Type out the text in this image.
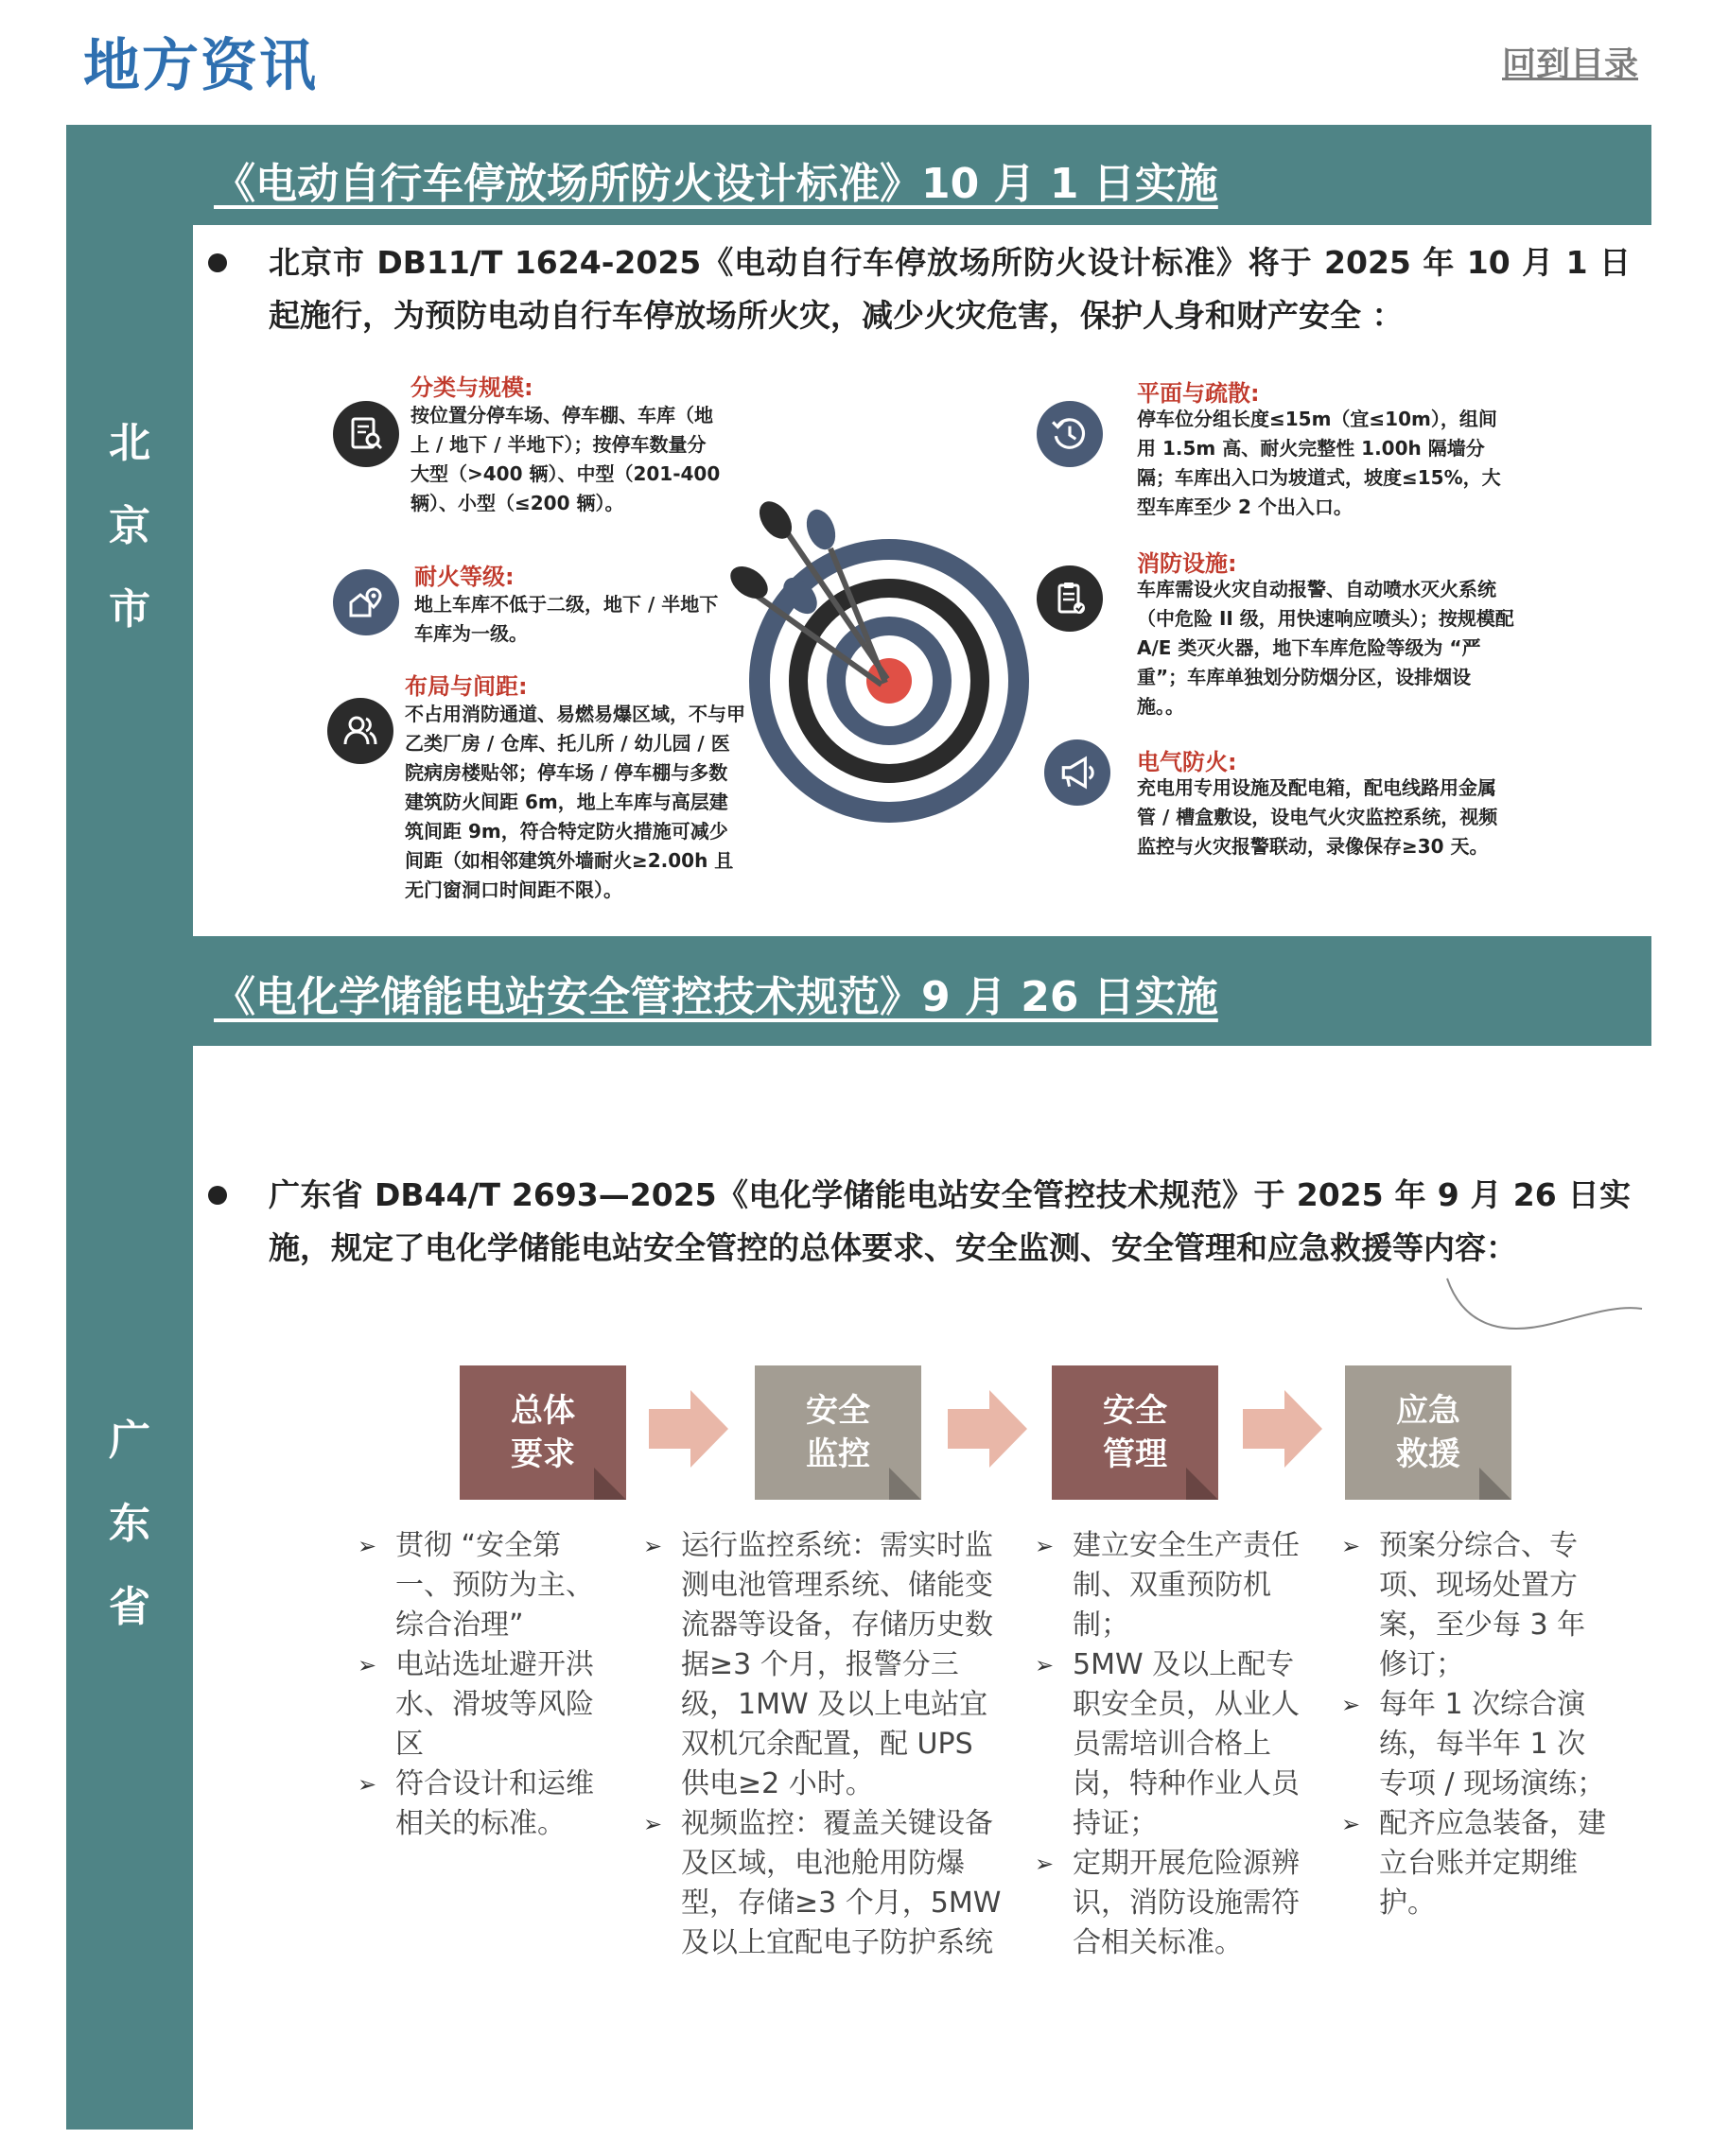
地方资讯	回到目录
北
京
市
广
东
省
《电动自行车停放场所防火设计标准》10 月 1 日实施
北京市 DB11/T 1624-2025《电动自行车停放场所防火设计标准》将于 2025 年 10 月 1 日起施行，为预防电动自行车停放场所火灾，减少火灾危害，保护人身和财产安全 ：
分类与规模:
按位置分停车场、停车棚、车库（地上 / 地下 / 半地下）；按停车数量分大型（>400 辆）、中型（201-400 辆）、小型（≤200 辆）。
耐火等级:
地上车库不低于二级，地下 / 半地下车库为一级。
布局与间距:
不占用消防通道、易燃易爆区域，不与甲乙类厂房 / 仓库、托儿所 / 幼儿园 / 医院病房楼贴邻；停车场 / 停车棚与多数建筑防火间距 6m，地上车库与高层建筑间距 9m，符合特定防火措施可减少间距（如相邻建筑外墙耐火≥2.00h 且无门窗洞口时间距不限）。
平面与疏散:
停车位分组长度≤15m（宜≤10m），组间用 1.5m 高、耐火完整性 1.00h 隔墙分隔；车库出入口为坡道式，坡度≤15%，大型车库至少 2 个出入口。
消防设施:
车库需设火灾自动报警、自动喷水灭火系统（中危险 II 级，用快速响应喷头）；按规模配 A/E 类灭火器，地下车库危险等级为 “严重”；车库单独划分防烟分区，设排烟设施。。
电气防火:
充电用专用设施及配电箱，配电线路用金属管 / 槽盒敷设，设电气火灾监控系统，视频监控与火灾报警联动，录像保存≥30 天。
《电化学储能电站安全管控技术规范》9 月 26 日实施
广东省 DB44/T 2693—2025《电化学储能电站安全管控技术规范》于 2025 年 9 月 26 日实施，规定了电化学储能电站安全管控的总体要求、安全监测、安全管理和应急救援等内容：
总体
要求
安全
监控
安全
管理
应急
救援
➢ 贯彻 “安全第一、预防为主、综合治理”
➢ 电站选址避开洪水、滑坡等风险区
➢ 符合设计和运维相关的标准。
➢ 运行监控系统：需实时监测电池管理系统、储能变流器等设备，存储历史数据≥3 个月，报警分三级，1MW 及以上电站宜双机冗余配置，配 UPS 供电≥2 小时。
➢ 视频监控：覆盖关键设备及区域，电池舱用防爆型，存储≥3 个月，5MW 及以上宜配电子防护系统
➢ 建立安全生产责任制、双重预防机制；
➢ 5MW 及以上配专职安全员，从业人员需培训合格上岗，特种作业人员持证；
➢ 定期开展危险源辨识，消防设施需符合相关标准。
➢ 预案分综合、专项、现场处置方案，至少每 3 年修订；
➢ 每年 1 次综合演练，每半年 1 次专项 / 现场演练；
➢ 配齐应急装备，建立台账并定期维护。
